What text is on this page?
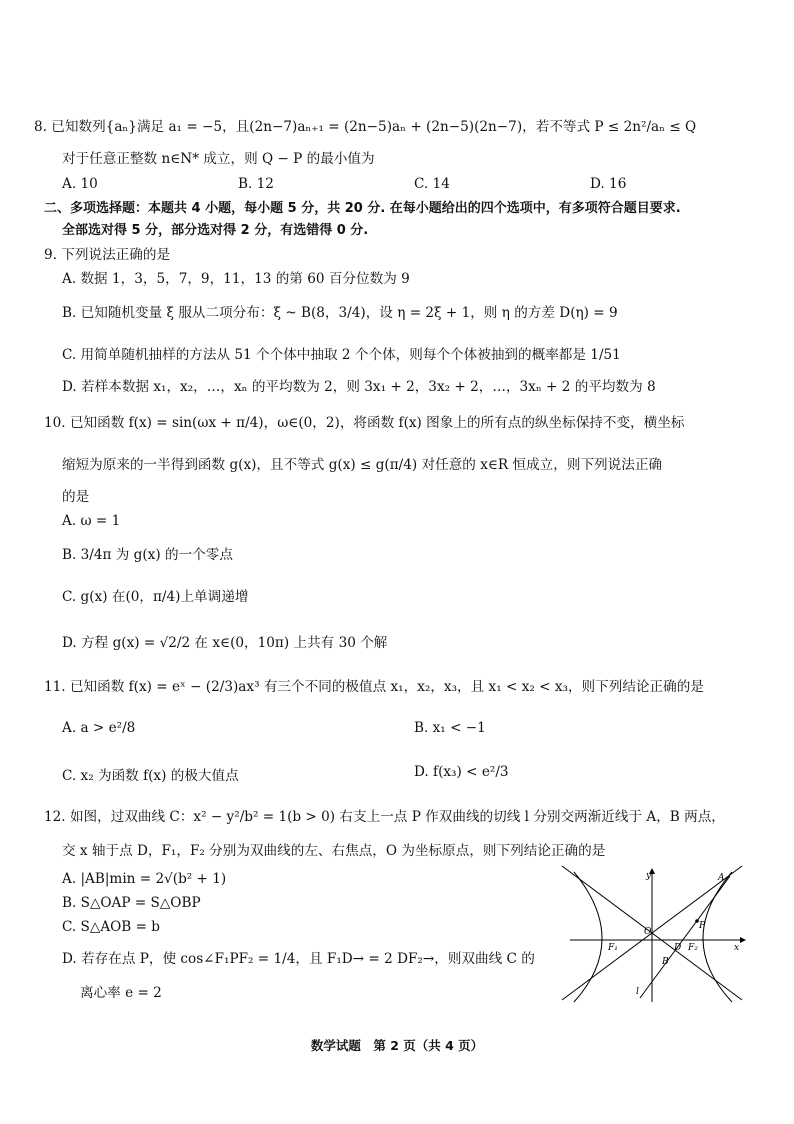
8. 已知数列{aₙ}满足 a₁ = −5，且(2n−7)aₙ₊₁ = (2n−5)aₙ + (2n−5)(2n−7)，若不等式 P ≤ 2n²/aₙ ≤ Q
对于任意正整数 n∈N* 成立，则 Q − P 的最小值为
A. 10	B. 12	C. 14	D. 16
二、多项选择题：本题共 4 小题，每小题 5 分，共 20 分. 在每小题给出的四个选项中，有多项符合题目要求.
全部选对得 5 分，部分选对得 2 分，有选错得 0 分.
9. 下列说法正确的是
A. 数据 1，3，5，7，9，11，13 的第 60 百分位数为 9
B. 已知随机变量 ξ 服从二项分布：ξ ~ B(8，3/4)，设 η = 2ξ + 1，则 η 的方差 D(η) = 9
C. 用简单随机抽样的方法从 51 个个体中抽取 2 个个体，则每个个体被抽到的概率都是 1/51
D. 若样本数据 x₁，x₂，…，xₙ 的平均数为 2，则 3x₁ + 2，3x₂ + 2，…，3xₙ + 2 的平均数为 8
10. 已知函数 f(x) = sin(ωx + π/4)，ω∈(0，2)，将函数 f(x) 图象上的所有点的纵坐标保持不变，横坐标
缩短为原来的一半得到函数 g(x)，且不等式 g(x) ≤ g(π/4) 对任意的 x∈R 恒成立，则下列说法正确
的是
A. ω = 1
B. 3/4π 为 g(x) 的一个零点
C. g(x) 在(0，π/4)上单调递增
D. 方程 g(x) = √2/2 在 x∈(0，10π) 上共有 30 个解
11. 已知函数 f(x) = eˣ − (2/3)ax³ 有三个不同的极值点 x₁，x₂，x₃，且 x₁ < x₂ < x₃，则下列结论正确的是
A. a > e²/8	B. x₁ < −1
C. x₂ 为函数 f(x) 的极大值点	D. f(x₃) < e²/3
12. 如图，过双曲线 C：x² − y²/b² = 1(b > 0) 右支上一点 P 作双曲线的切线 l 分别交两渐近线于 A，B 两点，
交 x 轴于点 D，F₁，F₂ 分别为双曲线的左、右焦点，O 为坐标原点，则下列结论正确的是
A. |AB|min = 2√(b² + 1)
B. S△OAP = S△OBP
C. S△AOB = b
D. 若存在点 P，使 cos∠F₁PF₂ = 1/4，且 F₁D→ = 2 DF₂→，则双曲线 C 的
离心率 e = 2
y
x
O
A
B
P
D
F₁	F₂
l
数学试题　第 2 页（共 4 页）
